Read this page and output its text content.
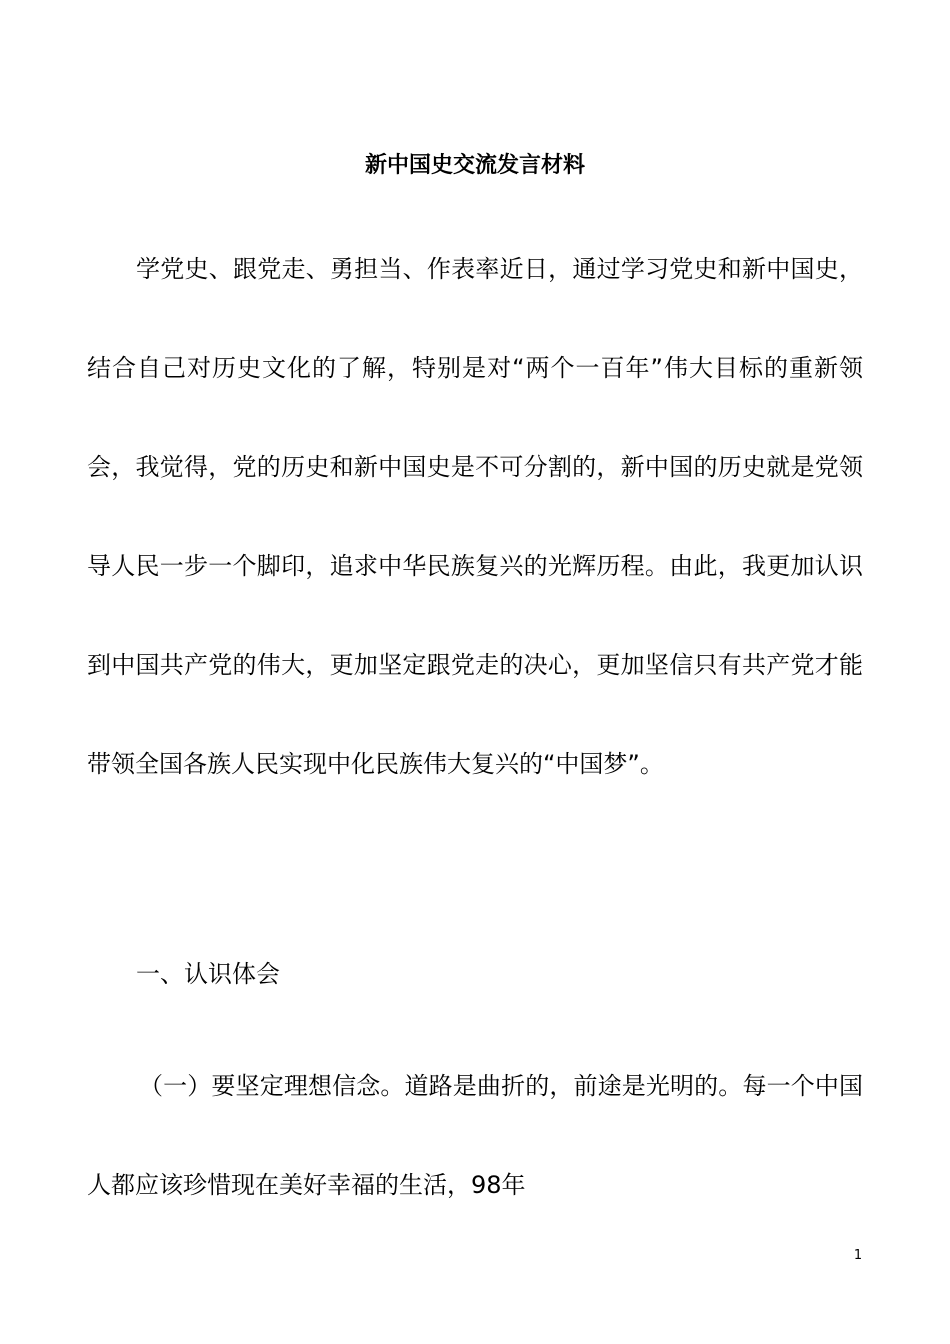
新中国史交流发言材料

学党史、跟党走、勇担当、作表率近日，通过学习党史和新中国史，结合自己对历史文化的了解，特别是对“两个一百年”伟大目标的重新领会，我觉得，党的历史和新中国史是不可分割的，新中国的历史就是党领导人民一步一个脚印，追求中华民族复兴的光辉历程。由此，我更加认识到中国共产党的伟大，更加坚定跟党走的决心，更加坚信只有共产党才能带领全国各族人民实现中化民族伟大复兴的“中国梦”。

一、认识体会

（一）要坚定理想信念。道路是曲折的，前途是光明的。每一个中国人都应该珍惜现在美好幸福的生活，98年

1
